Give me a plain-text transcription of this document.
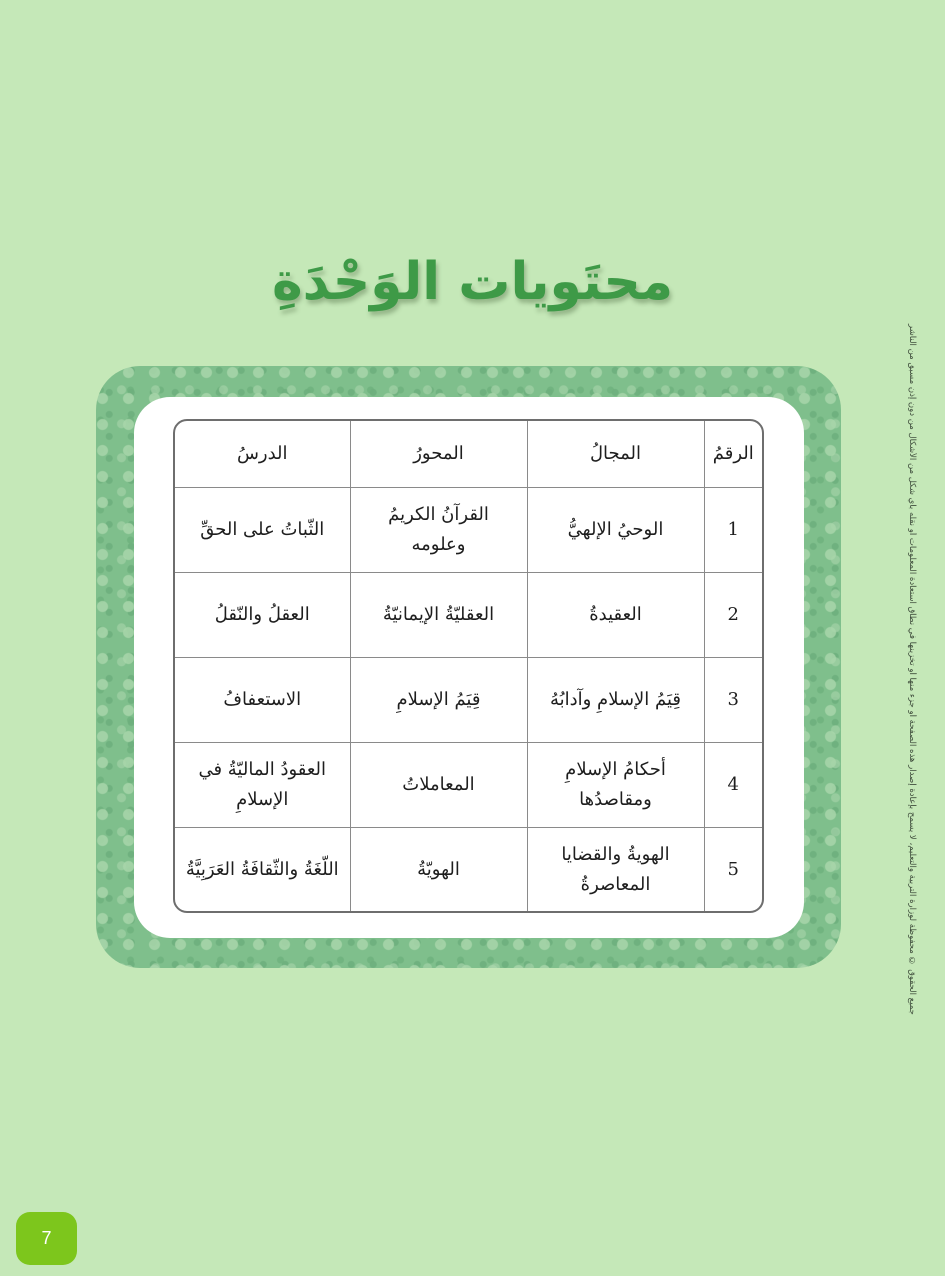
محتَويات الوَحْدَةِ
جميع الحقوق © محفوظة لوزارة التربية والتعليم، لا يسمح بإعادة إصدار هذه الصفحة أو جزء منها أو تخزينها في نطاق استعادة المعلومات أو نقله بأي شكل من الأشكال من دون إذن مسبق من الناشر
الرقمُ	المجالُ	المحورُ	الدرسُ
1	الوحيُ الإلهيُّ	القرآنُ الكريمُ وعلومه	الثّباتُ على الحقِّ
2	العقيدةُ	العقليّةُ الإيمانيّةُ	العقلُ والنّقلُ
3	قِيَمُ الإسلامِ وآدابُهُ	قِيَمُ الإسلامِ	الاستعفافُ
4	أحكامُ الإسلامِ ومقاصدُها	المعاملاتُ	العقودُ الماليّةُ في الإسلامِ
5	الهويةُ والقضايا المعاصرةُ	الهويّةُ	اللّغَةُ والثّقافَةُ العَرَبِيَّةُ
7
